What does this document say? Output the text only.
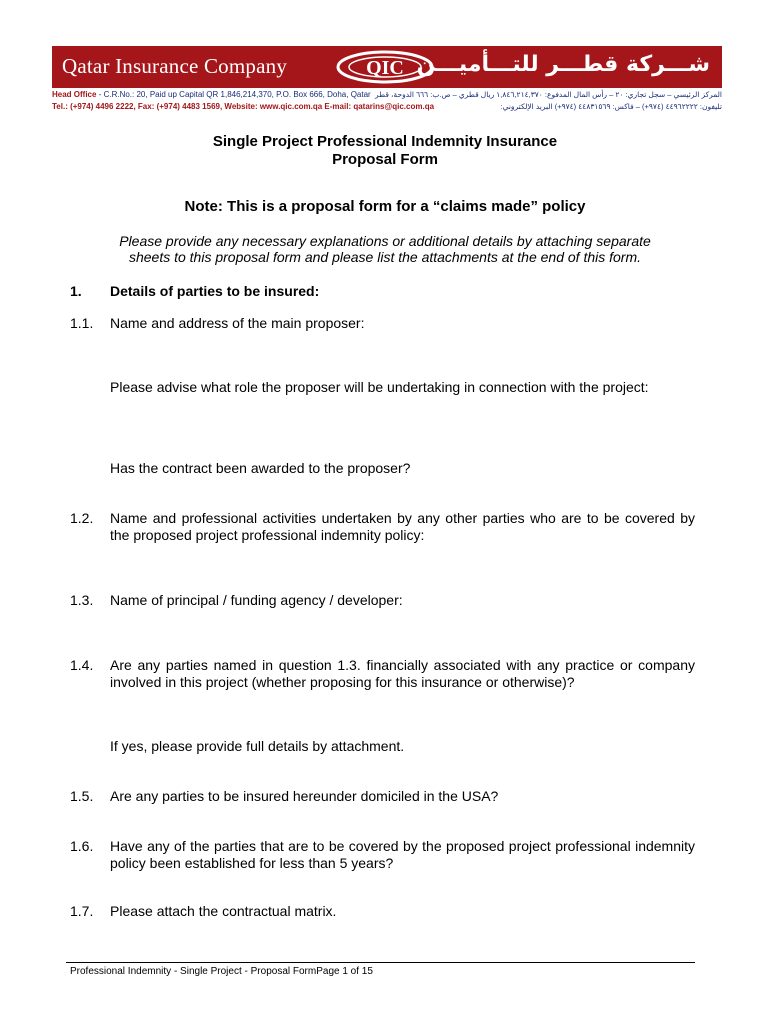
Qatar Insurance Company	QIC شـــركة قطـــر للتـــأميـــن
Head Office - C.R.No.: 20, Paid up Capital QR 1,846,214,370, P.O. Box 666, Doha, Qatar المركز الرئيسي – سجل تجاري: ٢٠ – رأس المال المدفوع: ١,٨٤٦,٢١٤,٣٧٠ ريال قطري – ص.ب: ٦٦٦ الدوحة، قطر
Tel.: (+974) 4496 2222, Fax: (+974) 4483 1569, Website: www.qic.com.qa E-mail: qatarins@qic.com.qa	تليفون: ٤٤٩٦٢٢٢٢ (٩٧٤+) – فاكس: ٤٤٨٣١٥٦٩ (٩٧٤+) البريد الإلكتروني:
Single Project Professional Indemnity Insurance
Proposal Form
Note: This is a proposal form for a “claims made” policy
Please provide any necessary explanations or additional details by attaching separate
sheets to this proposal form and please list the attachments at the end of this form.
1. Details of parties to be insured:
1.1. Name and address of the main proposer:
Please advise what role the proposer will be undertaking in connection with the project:
Has the contract been awarded to the proposer?
1.2. Name and professional activities undertaken by any other parties who are to be covered by the proposed project professional indemnity policy:
1.3. Name of principal / funding agency / developer:
1.4. Are any parties named in question 1.3. financially associated with any practice or company involved in this project (whether proposing for this insurance or otherwise)?
If yes, please provide full details by attachment.
1.5. Are any parties to be insured hereunder domiciled in the USA?
1.6. Have any of the parties that are to be covered by the proposed project professional indemnity policy been established for less than 5 years?
1.7. Please attach the contractual matrix.
Professional Indemnity - Single Project - Proposal FormPage 1 of 15
